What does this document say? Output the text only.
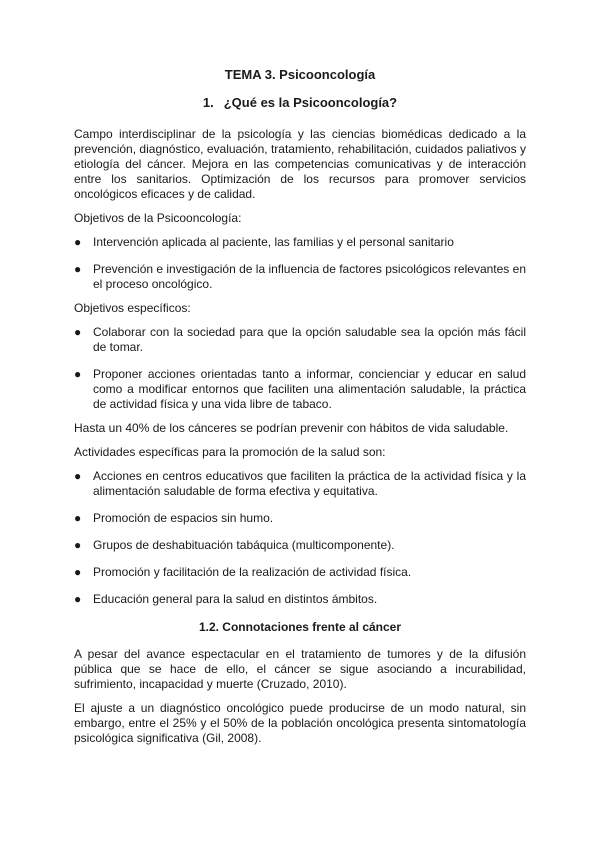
TEMA 3. Psicooncología
1. ¿Qué es la Psicooncología?

Campo interdisciplinar de la psicología y las ciencias biomédicas dedicado a la prevención, diagnóstico, evaluación, tratamiento, rehabilitación, cuidados paliativos y etiología del cáncer. Mejora en las competencias comunicativas y de interacción entre los sanitarios. Optimización de los recursos para promover servicios oncológicos eficaces y de calidad.

Objetivos de la Psicooncología:

● Intervención aplicada al paciente, las familias y el personal sanitario
● Prevención e investigación de la influencia de factores psicológicos relevantes en el proceso oncológico.

Objetivos específicos:

● Colaborar con la sociedad para que la opción saludable sea la opción más fácil de tomar.
● Proponer acciones orientadas tanto a informar, concienciar y educar en salud como a modificar entornos que faciliten una alimentación saludable, la práctica de actividad física y una vida libre de tabaco.

Hasta un 40% de los cánceres se podrían prevenir con hábitos de vida saludable.

Actividades específicas para la promoción de la salud son:

● Acciones en centros educativos que faciliten la práctica de la actividad física y la alimentación saludable de forma efectiva y equitativa.
● Promoción de espacios sin humo.
● Grupos de deshabituación tabáquica (multicomponente).
● Promoción y facilitación de la realización de actividad física.
● Educación general para la salud en distintos ámbitos.
1.2. Connotaciones frente al cáncer

A pesar del avance espectacular en el tratamiento de tumores y de la difusión pública que se hace de ello, el cáncer se sigue asociando a incurabilidad, sufrimiento, incapacidad y muerte (Cruzado, 2010).

El ajuste a un diagnóstico oncológico puede producirse de un modo natural, sin embargo, entre el 25% y el 50% de la población oncológica presenta sintomatología psicológica significativa (Gil, 2008).
